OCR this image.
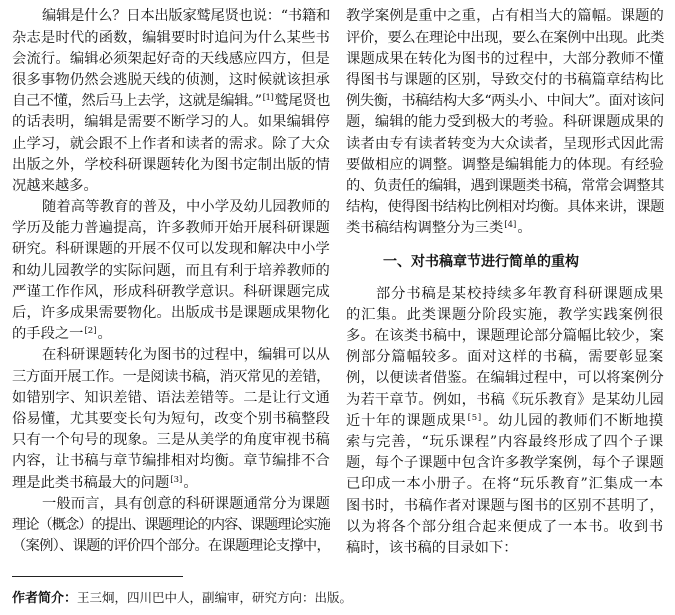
编辑是什么？日本出版家鹫尾贤也说：“书籍和
杂志是时代的函数，编辑要时时追问为什么某些书
会流行。编辑必须架起好奇的天线感应四方，但是
很多事物仍然会逃脱天线的侦测，这时候就该担承
自己不懂，然后马上去学，这就是编辑。”[1]鹫尾贤也
的话表明，编辑是需要不断学习的人。如果编辑停
止学习，就会跟不上作者和读者的需求。除了大众
出版之外，学校科研课题转化为图书定制出版的情
况越来越多。
随着高等教育的普及，中小学及幼儿园教师的
学历及能力普遍提高，许多教师开始开展科研课题
研究。科研课题的开展不仅可以发现和解决中小学
和幼儿园教学的实际问题，而且有利于培养教师的
严谨工作作风，形成科研教学意识。科研课题完成
后，许多成果需要物化。出版成书是课题成果物化
的手段之一[2]。
在科研课题转化为图书的过程中，编辑可以从
三方面开展工作。一是阅读书稿，消灭常见的差错，
如错别字、知识差错、语法差错等。二是让行文通
俗易懂，尤其要变长句为短句，改变个别书稿整段
只有一个句号的现象。三是从美学的角度审视书稿
内容，让书稿与章节编排相对均衡。章节编排不合
理是此类书稿最大的问题[3]。
一般而言，具有创意的科研课题通常分为课题
理论（概念）的提出、课题理论的内容、课题理论实施
（案例）、课题的评价四个部分。在课题理论支撑中，
教学案例是重中之重，占有相当大的篇幅。课题的
评价，要么在理论中出现，要么在案例中出现。此类
课题成果在转化为图书的过程中，大部分教师不懂
得图书与课题的区别，导致交付的书稿篇章结构比
例失衡，书稿结构大多“两头小、中间大”。面对该问
题，编辑的能力受到极大的考验。科研课题成果的
读者由专有读者转变为大众读者，呈现形式因此需
要做相应的调整。调整是编辑能力的体现。有经验
的、负责任的编辑，遇到课题类书稿，常常会调整其
结构，使得图书结构比例相对均衡。具体来讲，课题
类书稿结构调整分为三类[4]。
一、对书稿章节进行简单的重构
部分书稿是某校持续多年教育科研课题成果
的汇集。此类课题分阶段实施，教学实践案例很
多。在该类书稿中，课题理论部分篇幅比较少，案
例部分篇幅较多。面对这样的书稿，需要彰显案
例，以便读者借鉴。在编辑过程中，可以将案例分
为若干章节。例如，书稿《玩乐教育》是某幼儿园
近十年的课题成果[5]。幼儿园的教师们不断地摸
索与完善，“玩乐课程”内容最终形成了四个子课
题，每个子课题中包含许多教学案例，每个子课题
已印成一本小册子。在将“玩乐教育”汇集成一本
图书时，书稿作者对课题与图书的区别不甚明了，
以为将各个部分组合起来便成了一本书。收到书
稿时，该书稿的目录如下：
作者简介：王三炯，四川巴中人，副编审，研究方向：出版。
